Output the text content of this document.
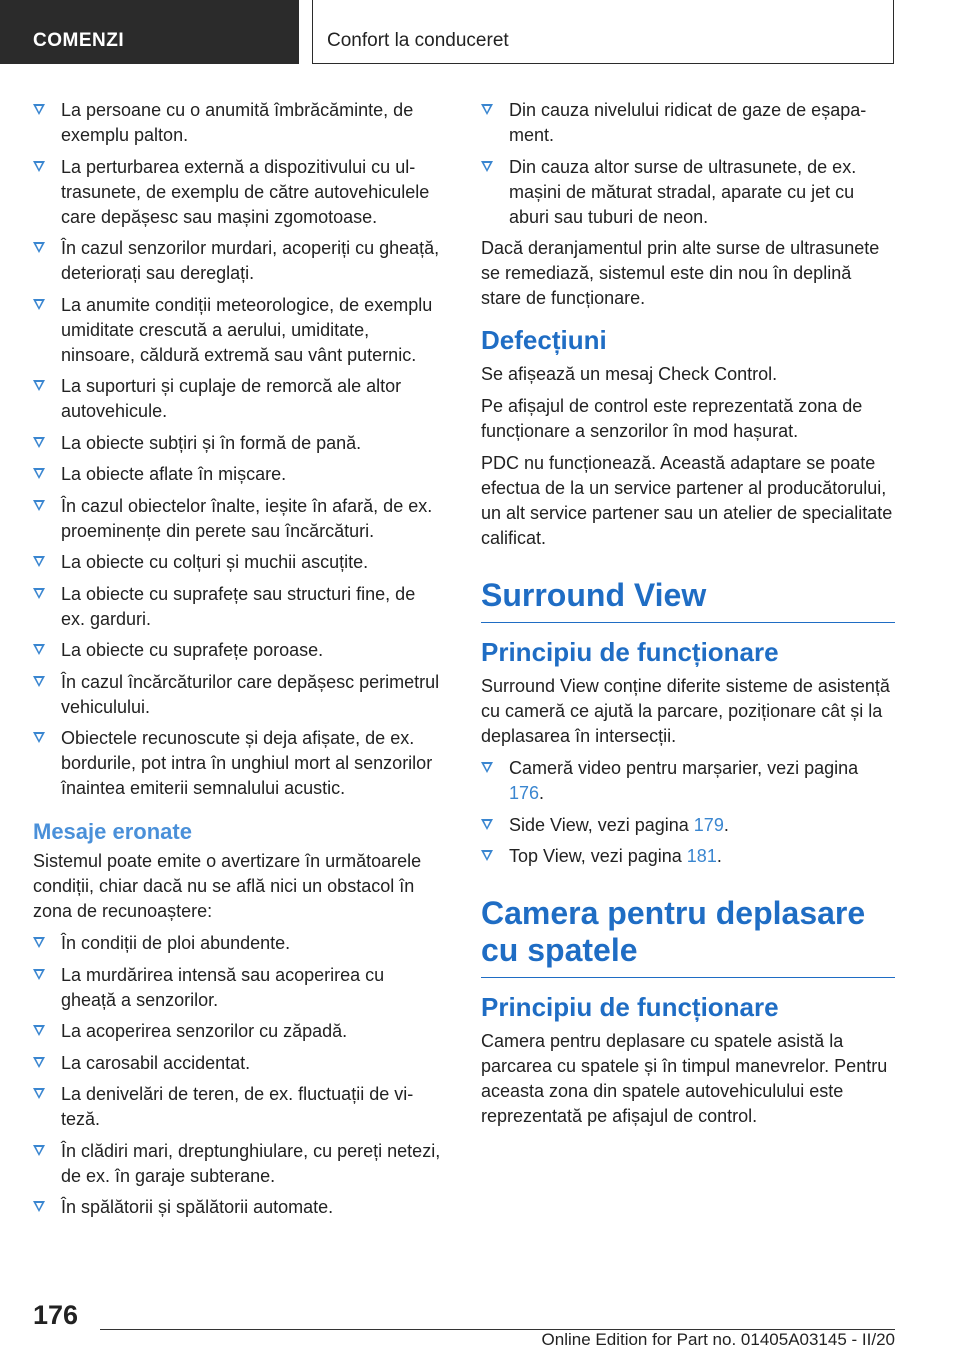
COMENZI	Confort la conduceret
La persoane cu o anumită îmbrăcăminte, de exemplu palton.
La perturbarea externă a dispozitivului cu ultrasunete, de exemplu de către autovehiculele care depășesc sau mașini zgomotoase.
În cazul senzorilor murdari, acoperiți cu gheață, deteriorați sau dereglați.
La anumite condiții meteorologice, de exemplu umiditate crescută a aerului, umiditate, ninsoare, căldură extremă sau vânt puternic.
La suporturi și cuplaje de remorcă ale altor autovehicule.
La obiecte subțiri și în formă de pană.
La obiecte aflate în mișcare.
În cazul obiectelor înalte, ieșite în afară, de ex. proeminențe din perete sau încărcături.
La obiecte cu colțuri și muchii ascuțite.
La obiecte cu suprafețe sau structuri fine, de ex. garduri.
La obiecte cu suprafețe poroase.
În cazul încărcăturilor care depășesc perimetrul vehiculului.
Obiectele recunoscute și deja afișate, de ex. bordurile, pot intra în unghiul mort al senzorilor înaintea emiterii semnalului acustic.
Mesaje eronate
Sistemul poate emite o avertizare în următoarele condiții, chiar dacă nu se află nici un obstacol în zona de recunoaștere:
În condiții de ploi abundente.
La murdărirea intensă sau acoperirea cu gheață a senzorilor.
La acoperirea senzorilor cu zăpadă.
La carosabil accidentat.
La denivelări de teren, de ex. fluctuații de viteză.
În clădiri mari, dreptunghiulare, cu pereți netezi, de ex. în garaje subterane.
În spălătorii și spălătorii automate.
Din cauza nivelului ridicat de gaze de eșapament.
Din cauza altor surse de ultrasunete, de ex. mașini de măturat stradal, aparate cu jet cu aburi sau tuburi de neon.
Dacă deranjamentul prin alte surse de ultrasunete se remediază, sistemul este din nou în deplină stare de funcționare.
Defecțiuni
Se afișează un mesaj Check Control.
Pe afișajul de control este reprezentată zona de funcționare a senzorilor în mod hașurat.
PDC nu funcționează. Această adaptare se poate efectua de la un service partener al producătorului, un alt service partener sau un atelier de specialitate calificat.
Surround View
Principiu de funcționare
Surround View conține diferite sisteme de asistență cu cameră ce ajută la parcare, poziționare cât și la deplasarea în intersecții.
Cameră video pentru marșarier, vezi pagina 176.
Side View, vezi pagina 179.
Top View, vezi pagina 181.
Camera pentru deplasare cu spatele
Principiu de funcționare
Camera pentru deplasare cu spatele asistă la parcarea cu spatele și în timpul manevrelor. Pentru aceasta zona din spatele autovehiculului este reprezentată pe afișajul de control.
176
Online Edition for Part no. 01405A03145 - II/20
